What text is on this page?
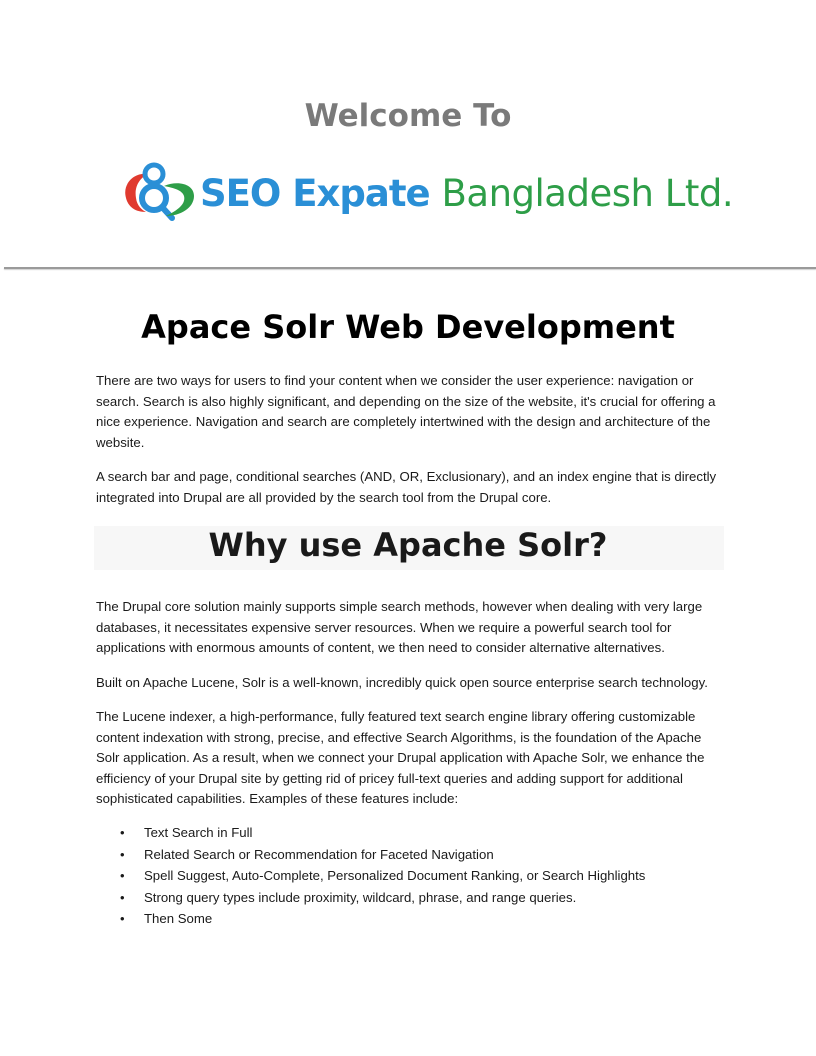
Welcome To
SEO Expate Bangladesh Ltd.
Apace Solr Web Development

There are two ways for users to find your content when we consider the user experience: navigation or search. Search is also highly significant, and depending on the size of the website, it's crucial for offering a nice experience. Navigation and search are completely intertwined with the design and architecture of the website.

A search bar and page, conditional searches (AND, OR, Exclusionary), and an index engine that is directly integrated into Drupal are all provided by the search tool from the Drupal core.

Why use Apache Solr?

The Drupal core solution mainly supports simple search methods, however when dealing with very large databases, it necessitates expensive server resources. When we require a powerful search tool for applications with enormous amounts of content, we then need to consider alternative alternatives.

Built on Apache Lucene, Solr is a well-known, incredibly quick open source enterprise search technology.

The Lucene indexer, a high-performance, fully featured text search engine library offering customizable content indexation with strong, precise, and effective Search Algorithms, is the foundation of the Apache Solr application. As a result, when we connect your Drupal application with Apache Solr, we enhance the efficiency of your Drupal site by getting rid of pricey full-text queries and adding support for additional sophisticated capabilities. Examples of these features include:

• Text Search in Full
• Related Search or Recommendation for Faceted Navigation
• Spell Suggest, Auto-Complete, Personalized Document Ranking, or Search Highlights
• Strong query types include proximity, wildcard, phrase, and range queries.
• Then Some
